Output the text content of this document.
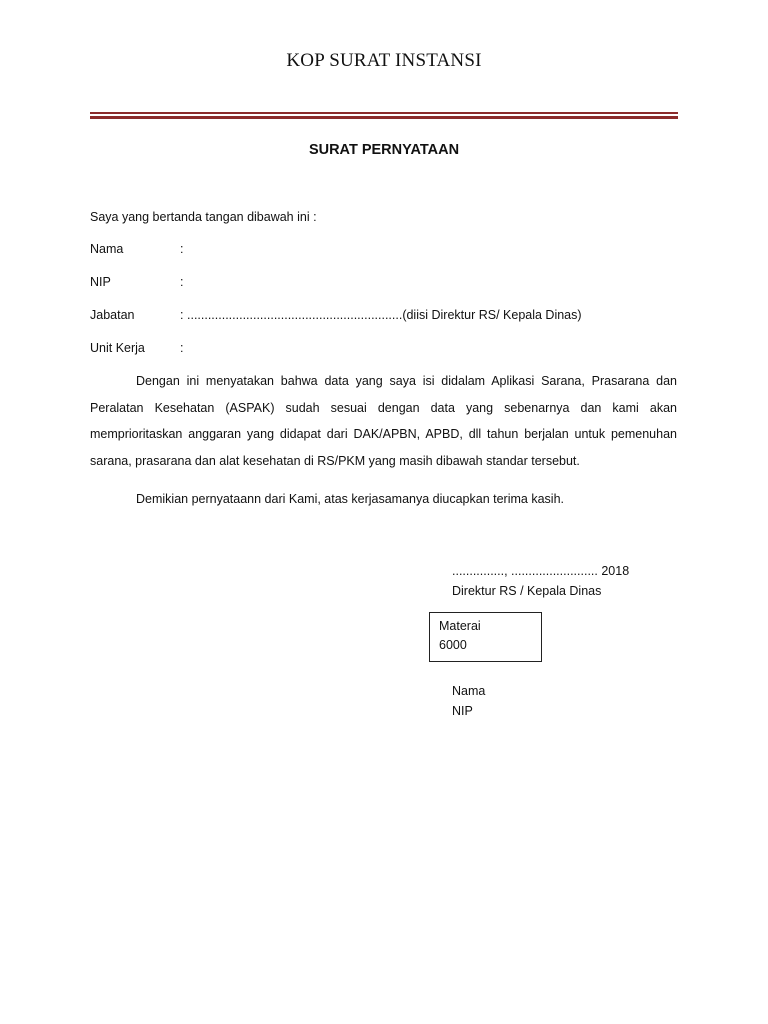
KOP SURAT INSTANSI
SURAT PERNYATAAN
Saya yang bertanda tangan dibawah ini :
Nama	:
NIP	:
Jabatan	: ..............................................................(diisi Direktur RS/ Kepala Dinas)
Unit Kerja	:
Dengan ini menyatakan bahwa data yang saya isi didalam Aplikasi Sarana, Prasarana dan Peralatan Kesehatan (ASPAK) sudah sesuai dengan data yang sebenarnya dan kami akan memprioritaskan anggaran yang didapat dari DAK/APBN, APBD, dll tahun berjalan untuk pemenuhan sarana, prasarana dan alat kesehatan di RS/PKM yang masih dibawah standar tersebut.
Demikian pernyataann dari Kami, atas kerjasamanya diucapkan terima kasih.
..............., ......................... 2018
Direktur RS / Kepala Dinas
Materai
6000
Nama
NIP
